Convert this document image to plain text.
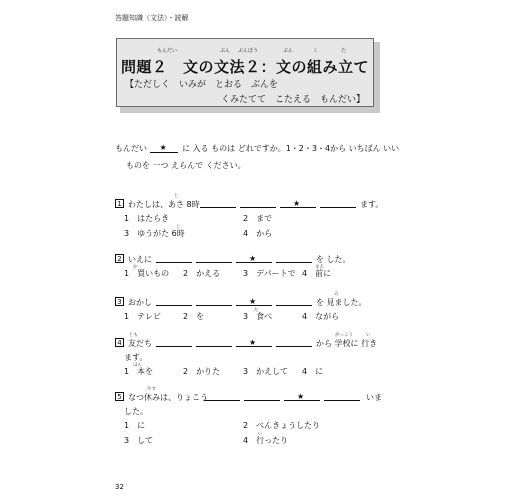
答題知識（文法）・読解
もんだい	ぶん ぶんぽう	ぶん	く	た
問題２　文の文法２：文の組み立て
【ただしく　いみが　とおる　ぶんを
くみたてて　こたえる　もんだい】
もんだい ★ に 入る ものは どれですか。1・2・3・4から いちばん いい
ものを 一つ えらんで ください。
1
じ
わたしは、あさ 8時	★	ます。
1　はたらき	2　まで
じ
3　ゆうがた 6時	4　から
2 いえに	★	を した。
か	まえ
1　買いもの 2　かえる	3　デパートで 4　前に
3 おかし	★
み
を 見ました。
た
1　テレビ	2　を	3　食べ	4　ながら
4
とも
友だち	★
がっこう	い
から 学校に 行き
ます。
ほん
1　本を	2　かりた	3　かえして 4　に
5
やす
なつ休みは、りょこう	★	いま
した。
1　に	2　べんきょうしたり
い
3　して	4　行ったり
32
